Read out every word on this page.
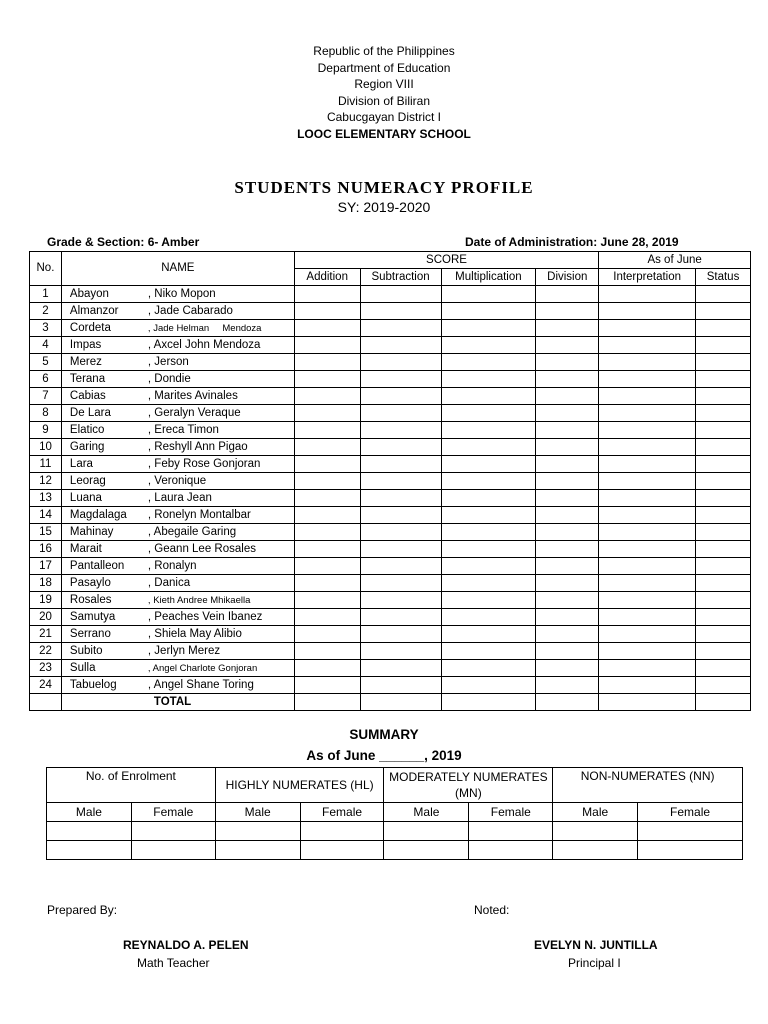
Republic of the Philippines
Department of Education
Region VIII
Division of Biliran
Cabucgayan District I
LOOC ELEMENTARY SCHOOL
STUDENTS NUMERACY PROFILE
SY: 2019-2020
Grade & Section: 6- Amber	Date of Administration: June 28, 2019
No.	NAME	SCORE				As of June	
		Addition	Subtraction	Multiplication	Division	Interpretation	Status
1	Abayon , Niko Mopon						
2	Almanzor , Jade Cabarado						
3	Cordeta , Jade Helman     Mendoza						
4	Impas , Axcel John Mendoza						
5	Merez , Jerson						
6	Terana , Dondie						
7	Cabias , Marites Avinales						
8	De Lara , Geralyn Veraque						
9	Elatico , Ereca Timon						
10	Garing , Reshyll Ann Pigao						
11	Lara , Feby Rose Gonjoran						
12	Leorag , Veronique						
13	Luana , Laura Jean						
14	Magdalaga , Ronelyn Montalbar						
15	Mahinay , Abegaile Garing						
16	Marait , Geann Lee Rosales						
17	Pantalleon , Ronalyn						
18	Pasaylo , Danica						
19	Rosales , Kieth Andree Mhikaella						
20	Samutya , Peaches Vein Ibanez						
21	Serrano , Shiela May Alibio						
22	Subito , Jerlyn Merez						
23	Sulla , Angel Charlote Gonjoran						
24	Tabuelog , Angel Shane Toring						
	TOTAL						
SUMMARY
As of June ______, 2019
No. of Enrolment		HIGHLY NUMERATES (HL)		MODERATELY NUMERATES (MN)		NON-NUMERATES (NN)	
Male	Female	Male	Female	Male	Female	Male	Female

Prepared By:	Noted:
REYNALDO A. PELEN
Math Teacher
EVELYN N. JUNTILLA
Principal I
